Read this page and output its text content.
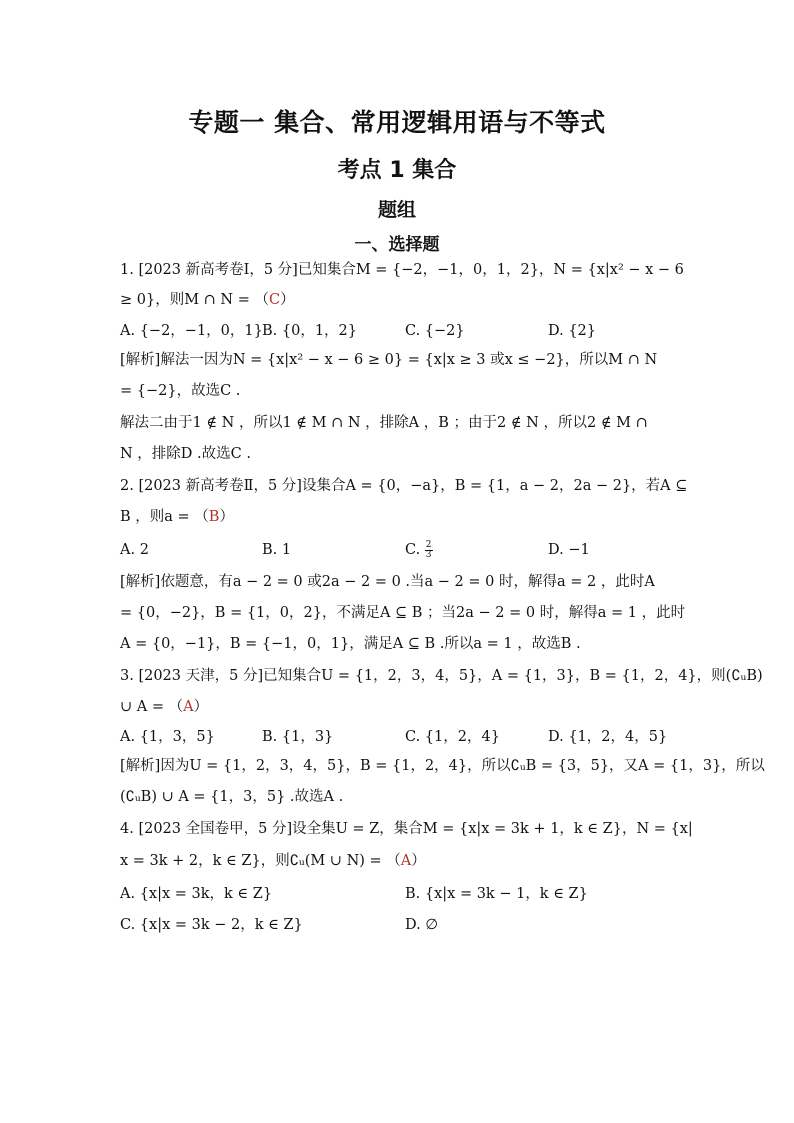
专题一 集合、常用逻辑用语与不等式
考点 1 集合
题组
一、选择题
1. [2023 新高考卷Ⅰ，5 分]已知集合M = {−2，−1，0，1，2}，N = {x|x² − x − 6
≥ 0}，则M ∩ N = （C）
A. {−2，−1，0，1} B. {0，1，2}	C. {−2}	D. {2}
[解析]解法一因为N = {x|x² − x − 6 ≥ 0} = {x|x ≥ 3 或x ≤ −2}，所以M ∩ N
= {−2}，故选C .
解法二由于1 ∉ N ，所以1 ∉ M ∩ N ，排除A ，B ；由于2 ∉ N ，所以2 ∉ M ∩
N ，排除D .故选C .
2. [2023 新高考卷Ⅱ，5 分]设集合A = {0，−a}，B = {1，a − 2，2a − 2}，若A ⊆
B ，则a = （B）
A. 2	B. 1	C. $\frac{2}{3}$	D. −1
[解析]依题意，有a − 2 = 0 或2a − 2 = 0 .当a − 2 = 0 时，解得a = 2 ，此时A
= {0，−2}，B = {1，0，2}，不满足A ⊆ B ；当2a − 2 = 0 时，解得a = 1 ，此时
A = {0，−1}，B = {−1，0，1}，满足A ⊆ B .所以a = 1 ，故选B .
3. [2023 天津，5 分]已知集合U = {1，2，3，4，5}，A = {1，3}，B = {1，2，4}，则(∁ᵤB)
∪ A = （A）
A. {1，3，5}	B. {1，3}	C. {1，2，4}	D. {1，2，4，5}
[解析]因为U = {1，2，3，4，5}，B = {1，2，4}，所以∁ᵤB = {3，5}，又A = {1，3}，所以
(∁ᵤB) ∪ A = {1，3，5} .故选A .
4. [2023 全国卷甲，5 分]设全集U = Z，集合M = {x|x = 3k + 1，k ∈ Z}，N = {x|
x = 3k + 2，k ∈ Z}，则∁ᵤ(M ∪ N) = （A）
A. {x|x = 3k，k ∈ Z}	B. {x|x = 3k − 1，k ∈ Z}
C. {x|x = 3k − 2，k ∈ Z}	D. ∅
